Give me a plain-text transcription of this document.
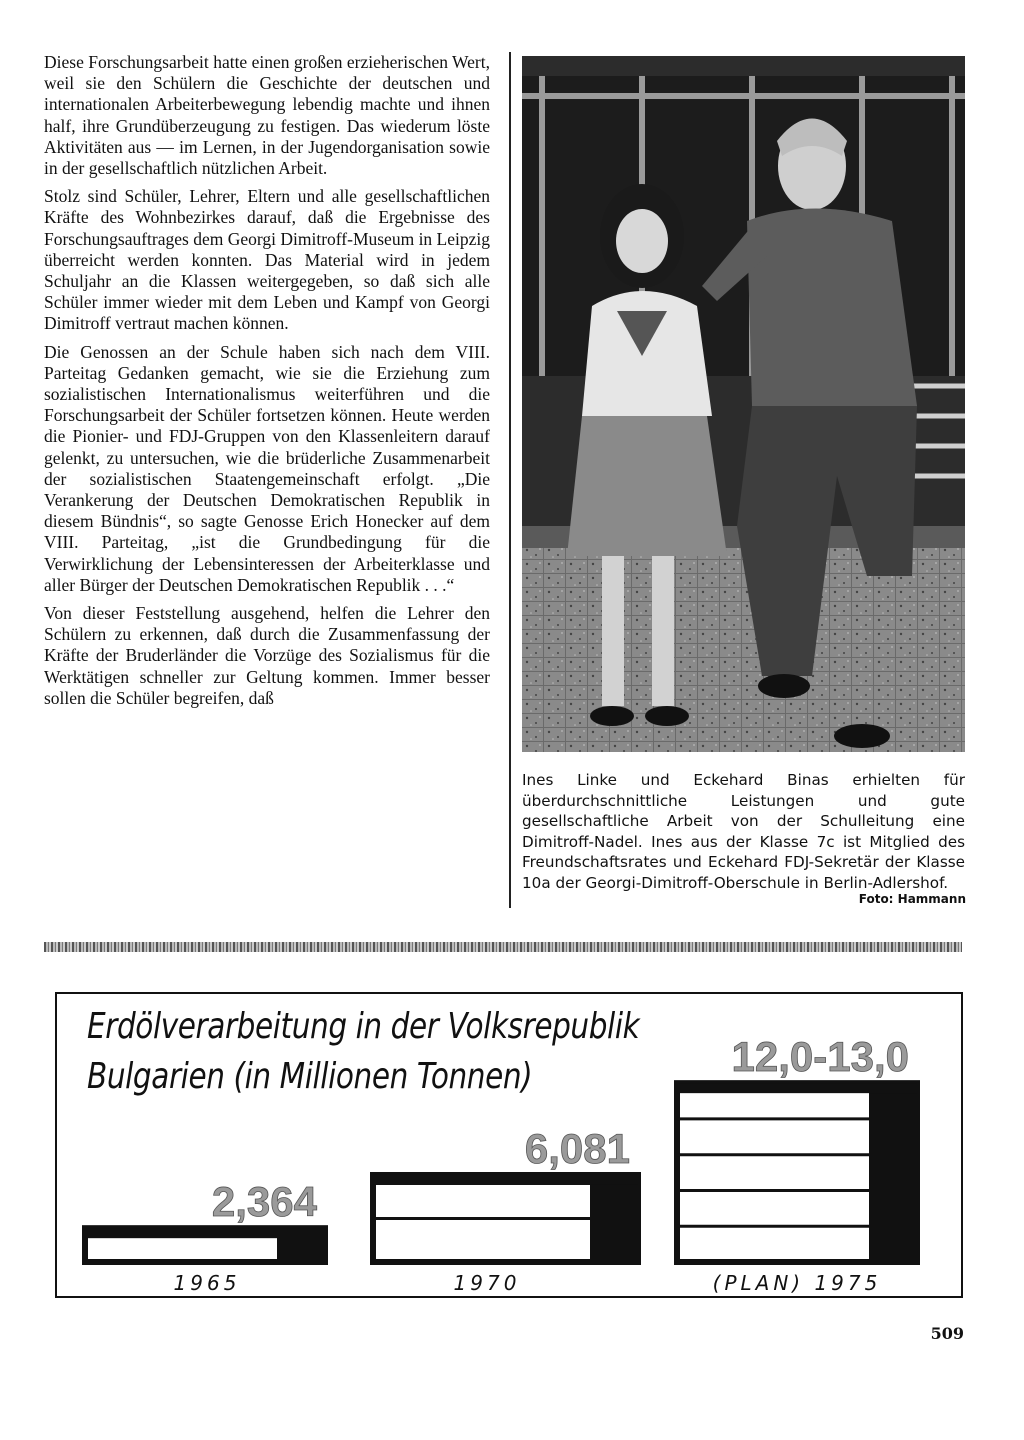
Diese Forschungsarbeit hatte einen großen erzieherischen Wert, weil sie den Schülern die Geschichte der deutschen und internationalen Arbeiterbewegung lebendig machte und ihnen half, ihre Grundüberzeugung zu festigen. Das wiederum löste Aktivitäten aus — im Lernen, in der Jugendorganisation sowie in der gesellschaftlich nützlichen Arbeit.

Stolz sind Schüler, Lehrer, Eltern und alle gesellschaftlichen Kräfte des Wohnbezirkes darauf, daß die Ergebnisse des Forschungsauftrages dem Georgi Dimitroff-Museum in Leipzig überreicht werden konnten. Das Material wird in jedem Schuljahr an die Klassen weitergegeben, so daß sich alle Schüler immer wieder mit dem Leben und Kampf von Georgi Dimitroff vertraut machen können.

Die Genossen an der Schule haben sich nach dem VIII. Parteitag Gedanken gemacht, wie sie die Erziehung zum sozialistischen Internationalismus weiterführen und die Forschungsarbeit der Schüler fortsetzen können. Heute werden die Pionier- und FDJ-Gruppen von den Klassenleitern darauf gelenkt, zu untersuchen, wie die brüderliche Zusammenarbeit der sozialistischen Staatengemeinschaft erfolgt. „Die Verankerung der Deutschen Demokratischen Republik in diesem Bündnis“, so sagte Genosse Erich Honecker auf dem VIII. Parteitag, „ist die Grundbedingung für die Verwirklichung der Lebensinteressen der Arbeiterklasse und aller Bürger der Deutschen Demokratischen Republik . . .“

Von dieser Feststellung ausgehend, helfen die Lehrer den Schülern zu erkennen, daß durch die Zusammenfassung der Kräfte der Bruderländer die Vorzüge des Sozialismus für die Werktätigen schneller zur Geltung kommen. Immer besser sollen die Schüler begreifen, daß

Ines Linke und Eckehard Binas erhielten für überdurchschnittliche Leistungen und gute gesellschaftliche Arbeit von der Schulleitung eine Dimitroff-Nadel. Ines aus der Klasse 7c ist Mitglied des Freundschaftsrates und Eckehard FDJ-Sekretär der Klasse 10a der Georgi-Dimitroff-Oberschule in Berlin-Adlershof.
Foto: Hammann
Erdölverarbeitung in der Volksrepublik
Bulgarien (in Millionen Tonnen)
2,364
1965
6,081
1970
12,0-13,0
(PLAN) 1975
509
